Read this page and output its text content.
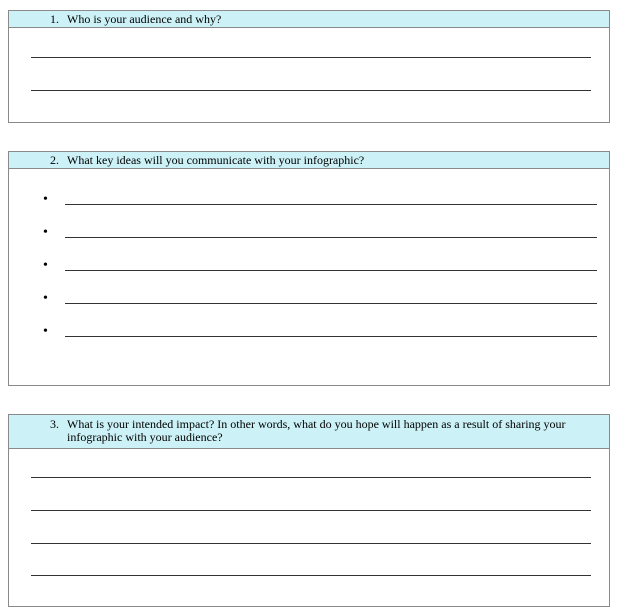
1. Who is your audience and why?
2. What key ideas will you communicate with your infographic?
•
•
•
•
•
3. What is your intended impact? In other words, what do you hope will happen as a result of sharing your infographic with your audience?
